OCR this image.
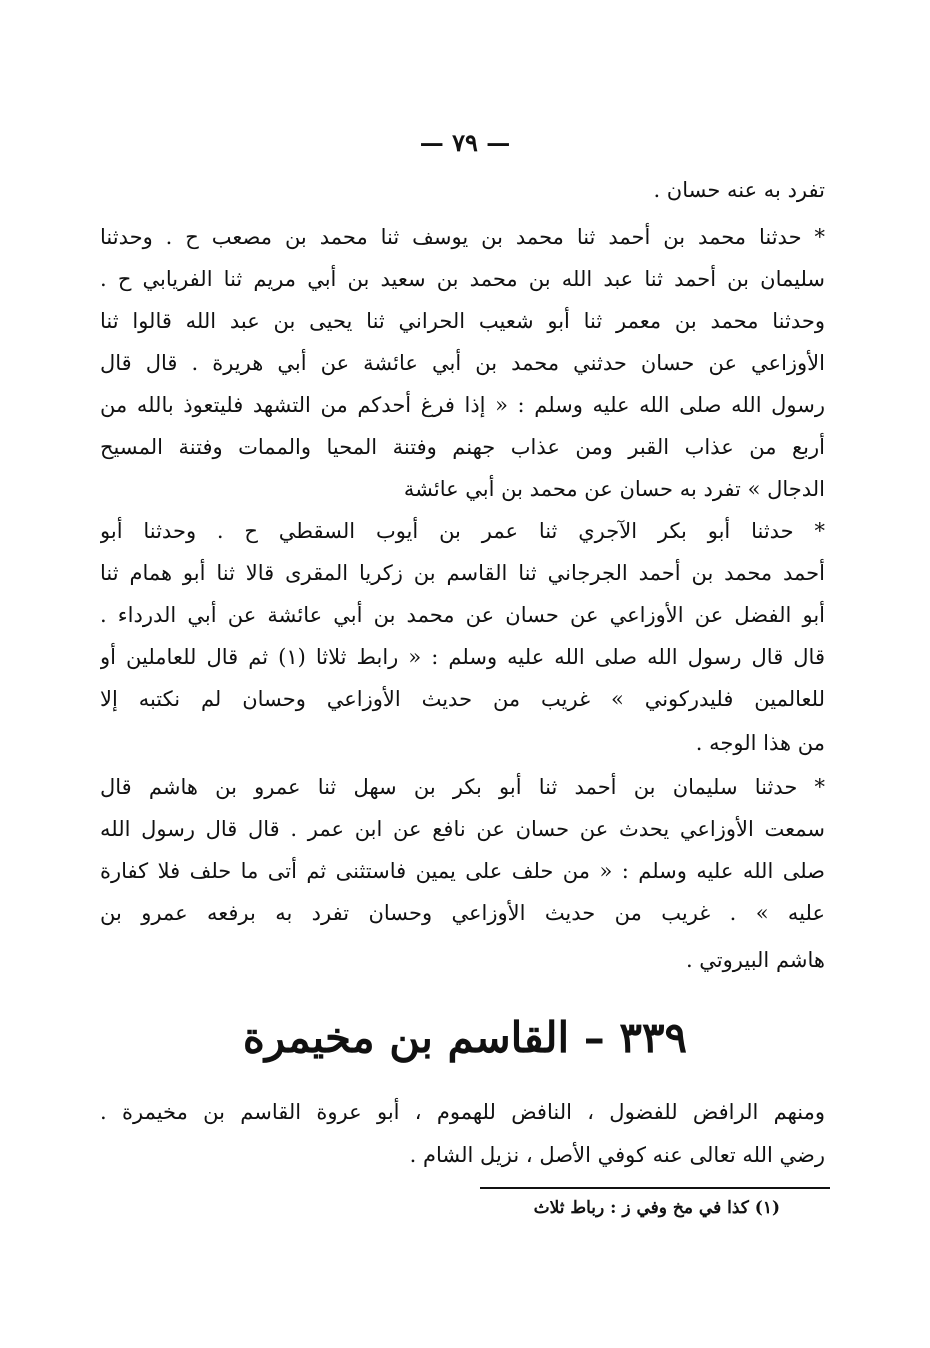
— ٧٩ —
تفرد به عنه حسان .
* حدثنا محمد بن أحمد ثنا محمد بن يوسف ثنا محمد بن مصعب ح . وحدثنا
سليمان بن أحمد ثنا عبد الله بن محمد بن سعيد بن أبي مريم ثنا الفريابي ح .
وحدثنا محمد بن معمر ثنا أبو شعيب الحراني ثنا يحيى بن عبد الله قالوا ثنا
الأوزاعي عن حسان حدثني محمد بن أبي عائشة عن أبي هريرة . قال قال
رسول الله صلى الله عليه وسلم : « إذا فرغ أحدكم من التشهد فليتعوذ بالله من
أربع من عذاب القبر ومن عذاب جهنم وفتنة المحيا والممات وفتنة المسيح
الدجال » تفرد به حسان عن محمد بن أبي عائشة
* حدثنا أبو بكر الآجري ثنا عمر بن أيوب السقطي ح . وحدثنا أبو
أحمد محمد بن أحمد الجرجاني ثنا القاسم بن زكريا المقرى قالا ثنا أبو همام ثنا
أبو الفضل عن الأوزاعي عن حسان عن محمد بن أبي عائشة عن أبي الدرداء .
قال قال رسول الله صلى الله عليه وسلم : « رابط ثلاثا (١) ثم قال للعاملين أو
للعالمين فليدركوني » غريب من حديث الأوزاعي وحسان لم نكتبه إلا
من هذا الوجه .
* حدثنا سليمان بن أحمد ثنا أبو بكر بن سهل ثنا عمرو بن هاشم قال
سمعت الأوزاعي يحدث عن حسان عن نافع عن ابن عمر . قال قال رسول الله
صلى الله عليه وسلم : « من حلف على يمين فاستثنى ثم أتى ما حلف فلا كفارة
عليه » . غريب من حديث الأوزاعي وحسان تفرد به برفعه عمرو بن
هاشم البيروتي .
٣٣٩ – القاسم بن مخيمرة
ومنهم الرافض للفضول ، النافض للهموم ، أبو عروة القاسم بن مخيمرة .
رضي الله تعالى عنه كوفي الأصل ، نزيل الشام .
(١) كذا في مخ وفي ز : رباط ثلاث
